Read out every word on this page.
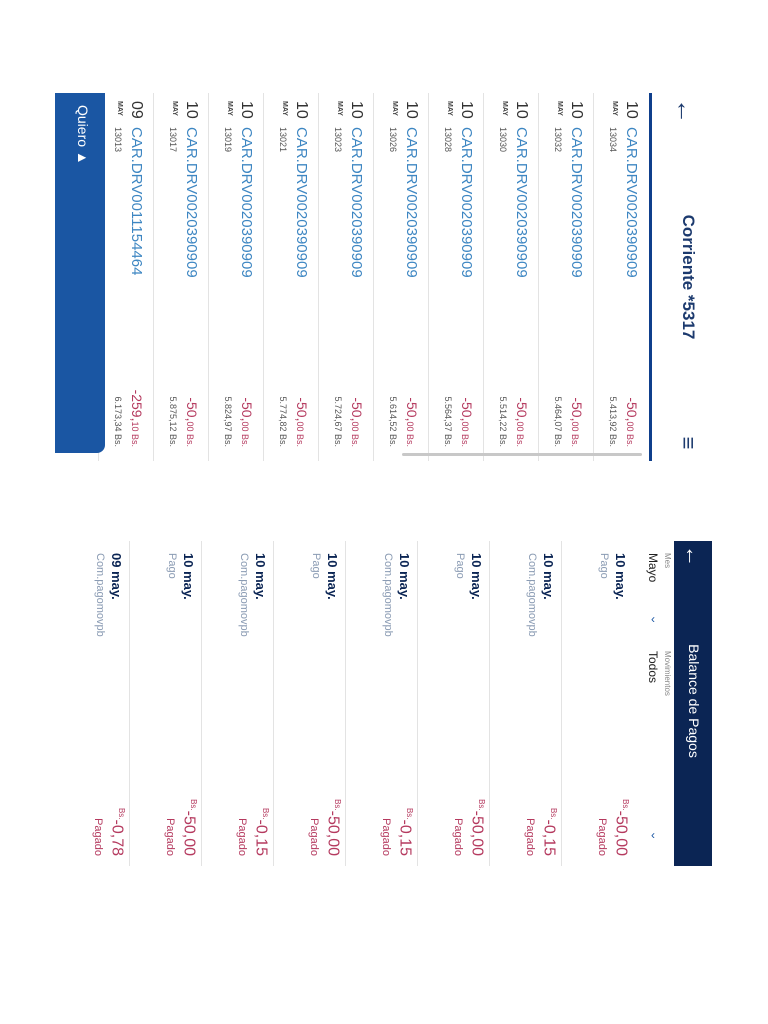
←
Corriente *5317
≡
10
MAY
CAR.DRV0020390909
13034
-50,00 Bs.
5.413,92 Bs.
10
MAY
CAR.DRV0020390909
13032
-50,00 Bs.
5.464,07 Bs.
10
MAY
CAR.DRV0020390909
13030
-50,00 Bs.
5.514,22 Bs.
10
MAY
CAR.DRV0020390909
13028
-50,00 Bs.
5.564,37 Bs.
10
MAY
CAR.DRV0020390909
13026
-50,00 Bs.
5.614,52 Bs.
10
MAY
CAR.DRV0020390909
13023
-50,00 Bs.
5.724,67 Bs.
10
MAY
CAR.DRV0020390909
13021
-50,00 Bs.
5.774,82 Bs.
10
MAY
CAR.DRV0020390909
13019
-50,00 Bs.
5.824,97 Bs.
10
MAY
CAR.DRV0020390909
13017
-50,00 Bs.
5.875,12 Bs.
09
MAY
CAR.DRV0011154464
13013
-259,10 Bs.
6.173,34 Bs.
Quiero ▲
←
Balance de Pagos
Mes
Mayo
‹
Movimientos
Todos
‹
10 may.
Pago
$^{Bs.}$-50,00
Pagado
10 may.
Com.pagomovpb
$^{Bs.}$-0,15
Pagado
10 may.
Pago
$^{Bs.}$-50,00
Pagado
10 may.
Com.pagomovpb
$^{Bs.}$-0,15
Pagado
10 may.
Pago
$^{Bs.}$-50,00
Pagado
10 may.
Com.pagomovpb
$^{Bs.}$-0,15
Pagado
10 may.
Pago
$^{Bs.}$-50,00
Pagado
09 may.
Com.pagomovpb
$^{Bs.}$-0,78
Pagado
